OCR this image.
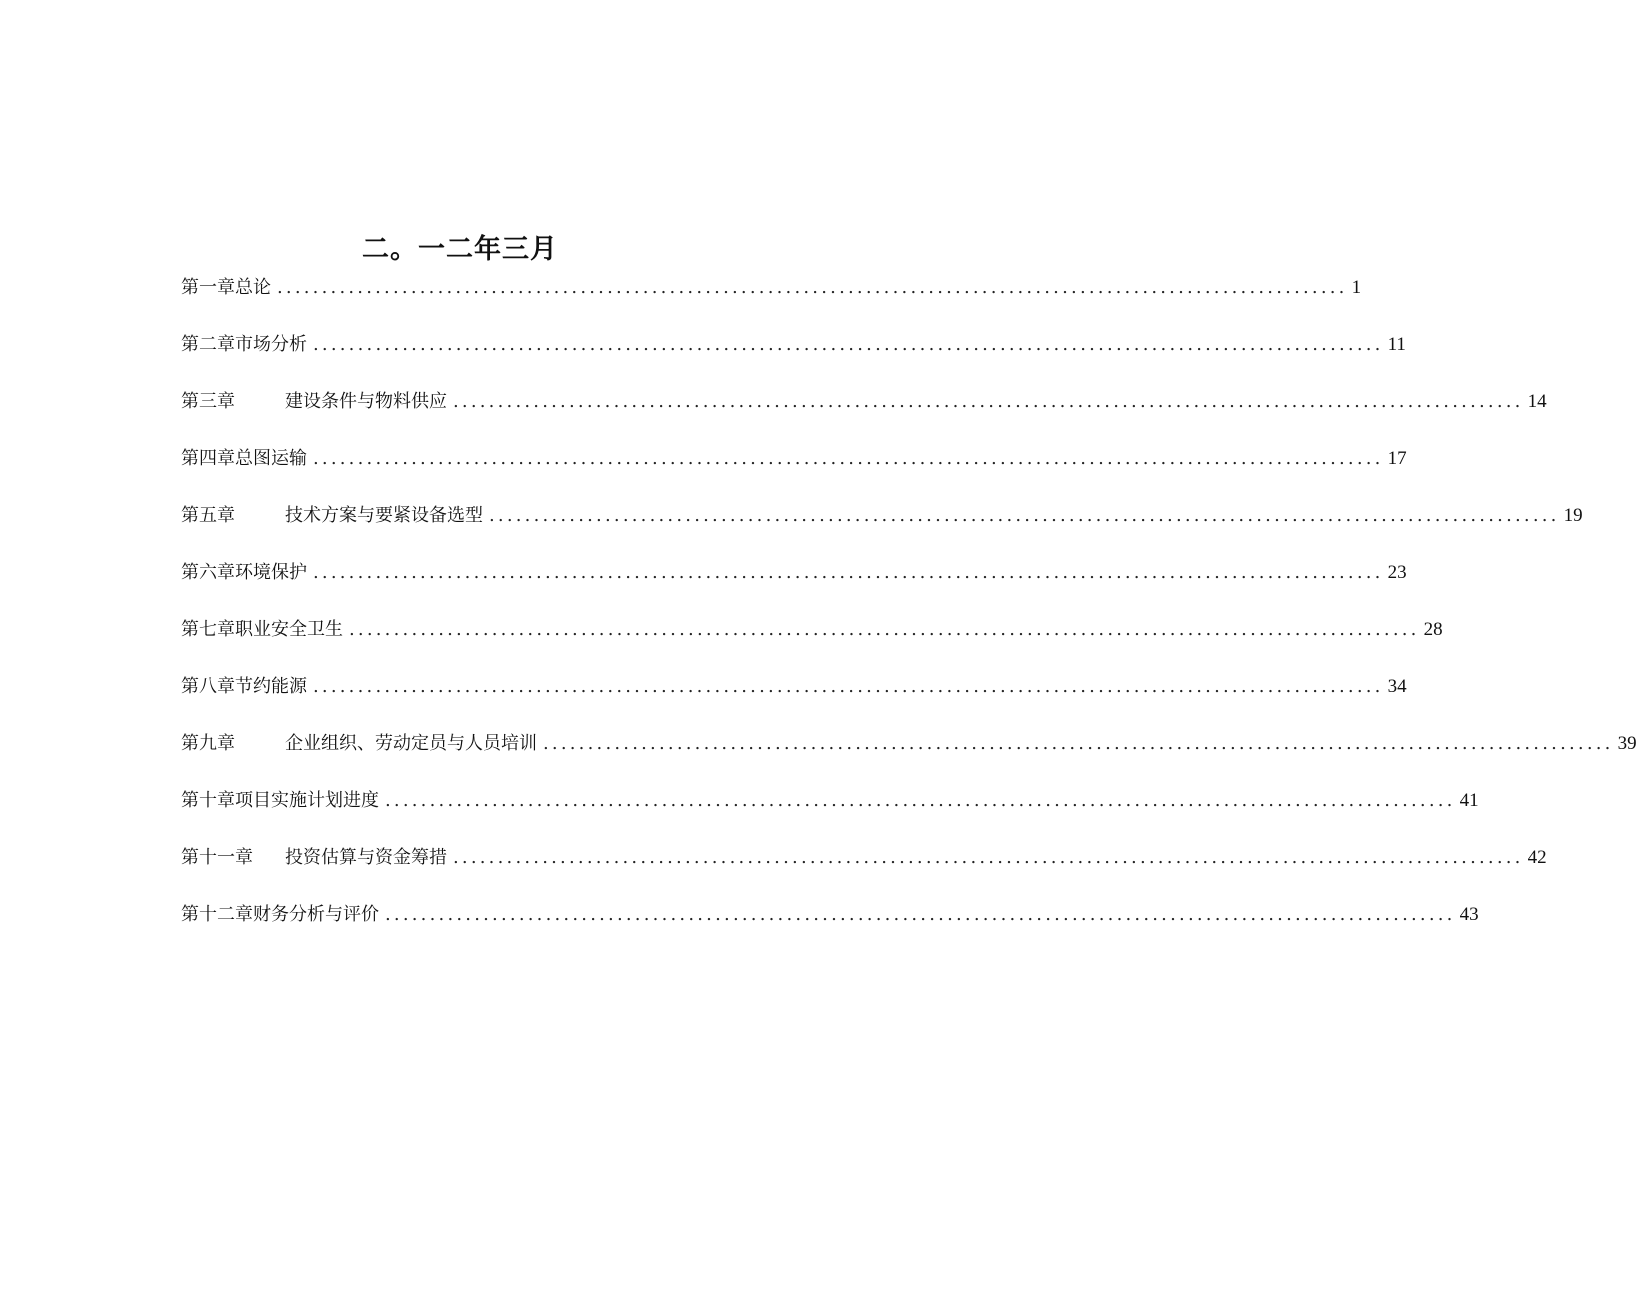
二。一二年三月
第一章 总论 ........................................................................................................................ 1
第二章 市场分析 ........................................................................................................................ 11
第三章	建设条件与物料供应 ........................................................................................................................ 14
第四章 总图运输 ........................................................................................................................ 17
第五章	技术方案与要紧设备选型 ........................................................................................................................ 19
第六章 环境保护 ........................................................................................................................ 23
第七章 职业安全卫生 ........................................................................................................................ 28
第八章 节约能源 ........................................................................................................................ 34
第九章	企业组织、劳动定员与人员培训 ........................................................................................................................ 39
第十章 项目实施计划进度 ........................................................................................................................ 41
第十一章	投资估算与资金筹措 ........................................................................................................................ 42
第十二章 财务分析与评价 ........................................................................................................................ 43
